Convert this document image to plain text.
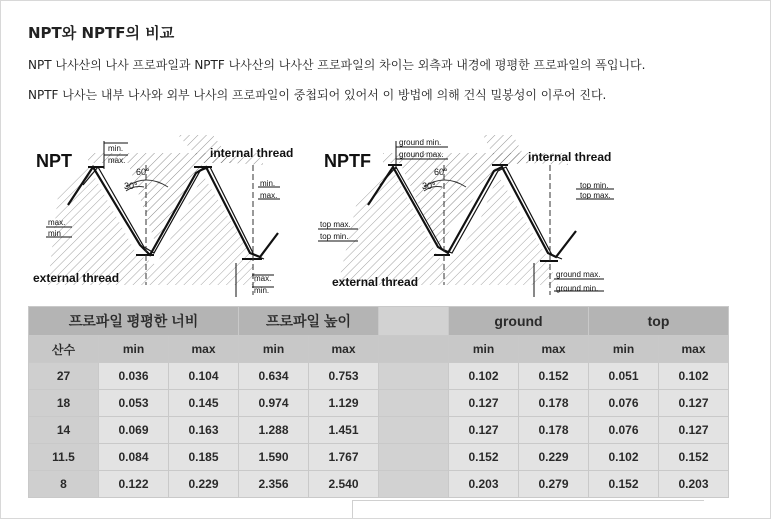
NPT와 NPTF의 비교
NPT 나사산의 나사 프로파일과 NPTF 나사산의 나사산 프로파일의 차이는 외측과 내경에 평평한 프로파일의 폭입니다.
NPTF 나사는 내부 나사와 외부 나사의 프로파일이 중첩되어 있어서 이 방법에 의해 건식 밀봉성이 이루어 진다.
NPT	internal thread
external thread
60°
30°
min.
max.
min.
max.
max.
min
max.
min.
NPTF	internal thread
external thread
60°
30°
ground min.
ground max.
top min.
top max.
top max.
top min.
ground max.
ground min.
프로파일 평평한 너비			프로파일 높이			ground		top	
산수	min	max	min	max		min	max	min	max
27	0.036	0.104	0.634	0.753		0.102	0.152	0.051	0.102
18	0.053	0.145	0.974	1.129		0.127	0.178	0.076	0.127
14	0.069	0.163	1.288	1.451		0.127	0.178	0.076	0.127
11.5	0.084	0.185	1.590	1.767		0.152	0.229	0.102	0.152
8	0.122	0.229	2.356	2.540		0.203	0.279	0.152	0.203
